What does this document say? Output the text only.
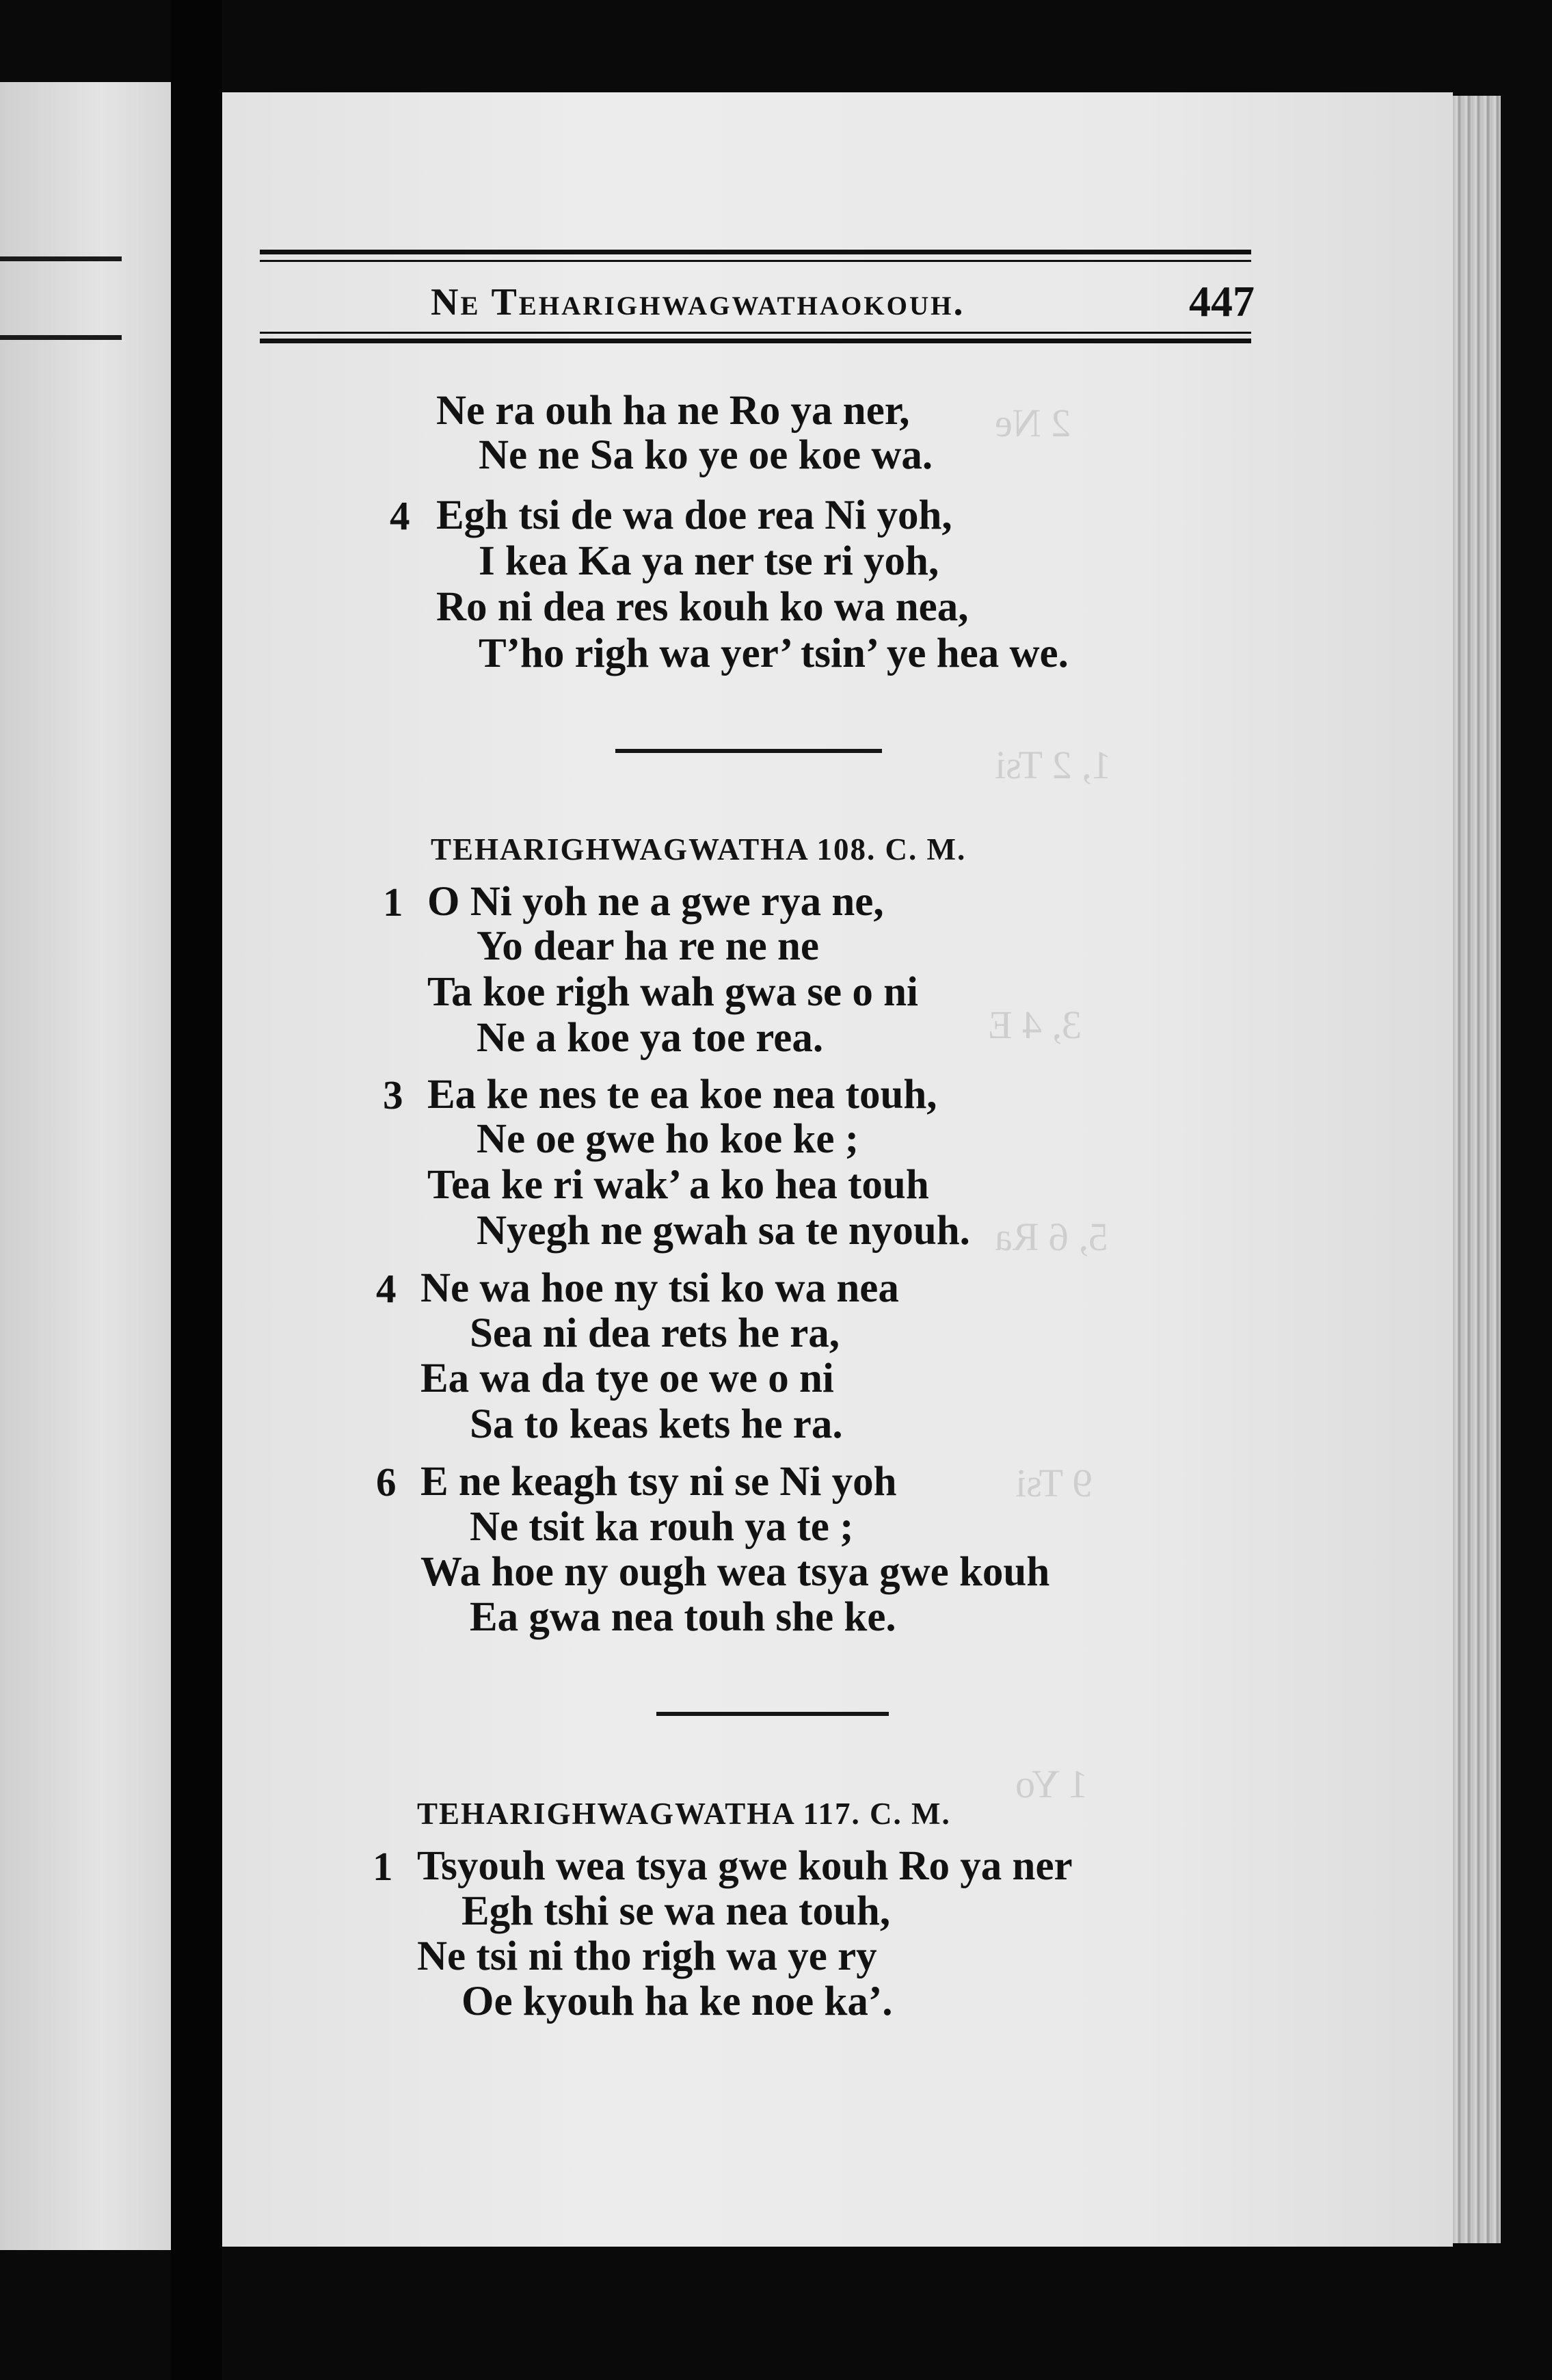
2 Ne
1, 2 Tsi
3, 4 E
5, 6 Ra
9 Tsi
1 Yo
Ne Teharighwagwathaokouh.	447
Ne ra ouh ha ne Ro ya ner,
Ne ne Sa ko ye oe koe wa.
4 Egh tsi de wa doe rea Ni yoh,
I kea Ka ya ner tse ri yoh,
Ro ni dea res kouh ko wa nea,
T’ho righ wa yer’ tsin’ ye hea we.
TEHARIGHWAGWATHA 108. C. M.
1 O Ni yoh ne a gwe rya ne,
Yo dear ha re ne ne
Ta koe righ wah gwa se o ni
Ne a koe ya toe rea.
3 Ea ke nes te ea koe nea touh,
Ne oe gwe ho koe ke ;
Tea ke ri wak’ a ko hea touh
Nyegh ne gwah sa te nyouh.
4 Ne wa hoe ny tsi ko wa nea
Sea ni dea rets he ra,
Ea wa da tye oe we o ni
Sa to keas kets he ra.
6 E ne keagh tsy ni se Ni yoh
Ne tsit ka rouh ya te ;
Wa hoe ny ough wea tsya gwe kouh
Ea gwa nea touh she ke.
TEHARIGHWAGWATHA 117. C. M.
1 Tsyouh wea tsya gwe kouh Ro ya ner
Egh tshi se wa nea touh,
Ne tsi ni tho righ wa ye ry
Oe kyouh ha ke noe ka’.
